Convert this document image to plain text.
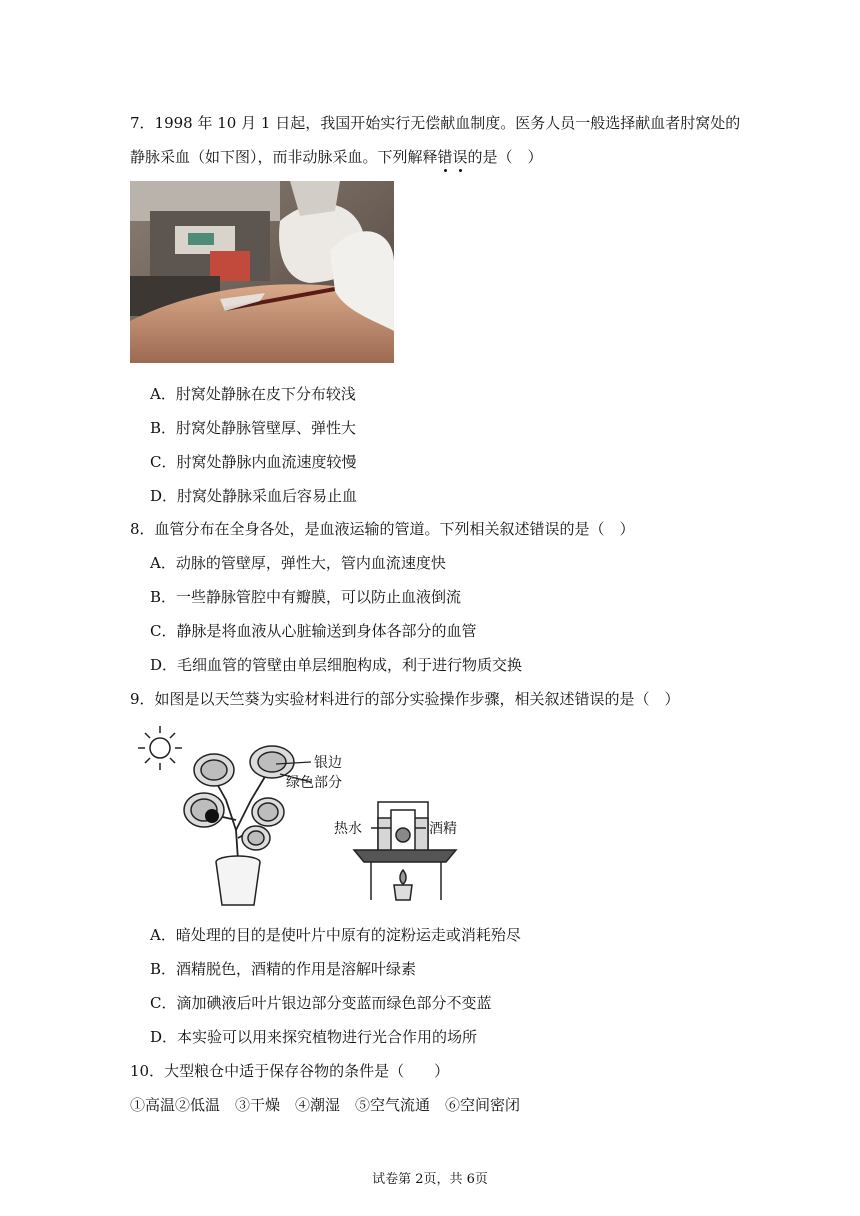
7．1998 年 10 月 1 日起，我国开始实行无偿献血制度。医务人员一般选择献血者肘窝处的
静脉采血（如下图），而非动脉采血。下列解释错误
的是（　）
A．肘窝处静脉在皮下分布较浅
B．肘窝处静脉管壁厚、弹性大
C．肘窝处静脉内血流速度较慢
D．肘窝处静脉采血后容易止血
8．血管分布在全身各处，是血液运输的管道。下列相关叙述错误的是（　）
A．动脉的管壁厚，弹性大，管内血流速度快
B．一些静脉管腔中有瓣膜，可以防止血液倒流
C．静脉是将血液从心脏输送到身体各部分的血管
D．毛细血管的管壁由单层细胞构成，利于进行物质交换
9．如图是以天竺葵为实验材料进行的部分实验操作步骤，相关叙述错误的是（　）
银边
绿色部分
热水	酒精
A．暗处理的目的是使叶片中原有的淀粉运走或消耗殆尽
B．酒精脱色，酒精的作用是溶解叶绿素
C．滴加碘液后叶片银边部分变蓝而绿色部分不变蓝
D．本实验可以用来探究植物进行光合作用的场所
10．大型粮仓中适于保存谷物的条件是（　　）
①高温②低温　③干燥　④潮湿　⑤空气流通　⑥空间密闭
试卷第 2页，共 6页
